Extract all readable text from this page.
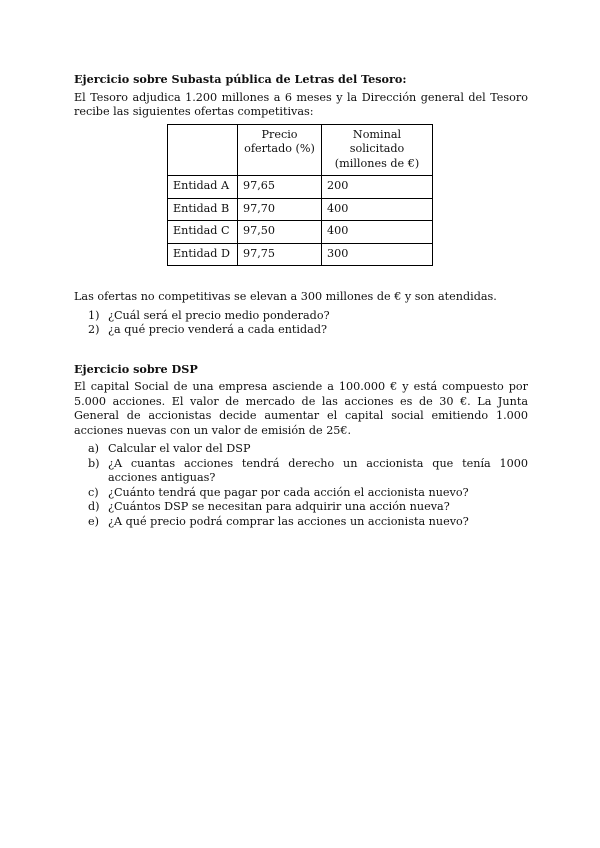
Ejercicio sobre Subasta pública de Letras del Tesoro:

El Tesoro adjudica 1.200 millones a 6 meses y la Dirección general del Tesoro recibe las siguientes ofertas competitivas:

	Precio ofertado (%)	Nominal solicitado
(millones de €)
Entidad A	97,65	200
Entidad B	97,70	400
Entidad C	97,50	400
Entidad D	97,75	300

Las ofertas no competitivas se elevan a 300 millones de € y son atendidas.

1) ¿Cuál será el precio medio ponderado?
2) ¿a qué precio venderá a cada entidad?

Ejercicio sobre DSP

El capital Social de una empresa asciende a 100.000 € y está compuesto por 5.000 acciones. El valor de mercado de las acciones es de 30 €. La Junta General de accionistas decide aumentar el capital social emitiendo 1.000 acciones nuevas con un valor de emisión de 25€.

a) Calcular el valor del DSP
b) ¿A cuantas acciones tendrá derecho un accionista que tenía 1000 acciones antiguas?
c) ¿Cuánto tendrá que pagar por cada acción el accionista nuevo?
d) ¿Cuántos DSP se necesitan para adquirir una acción nueva?
e) ¿A qué precio podrá comprar las acciones un accionista nuevo?
